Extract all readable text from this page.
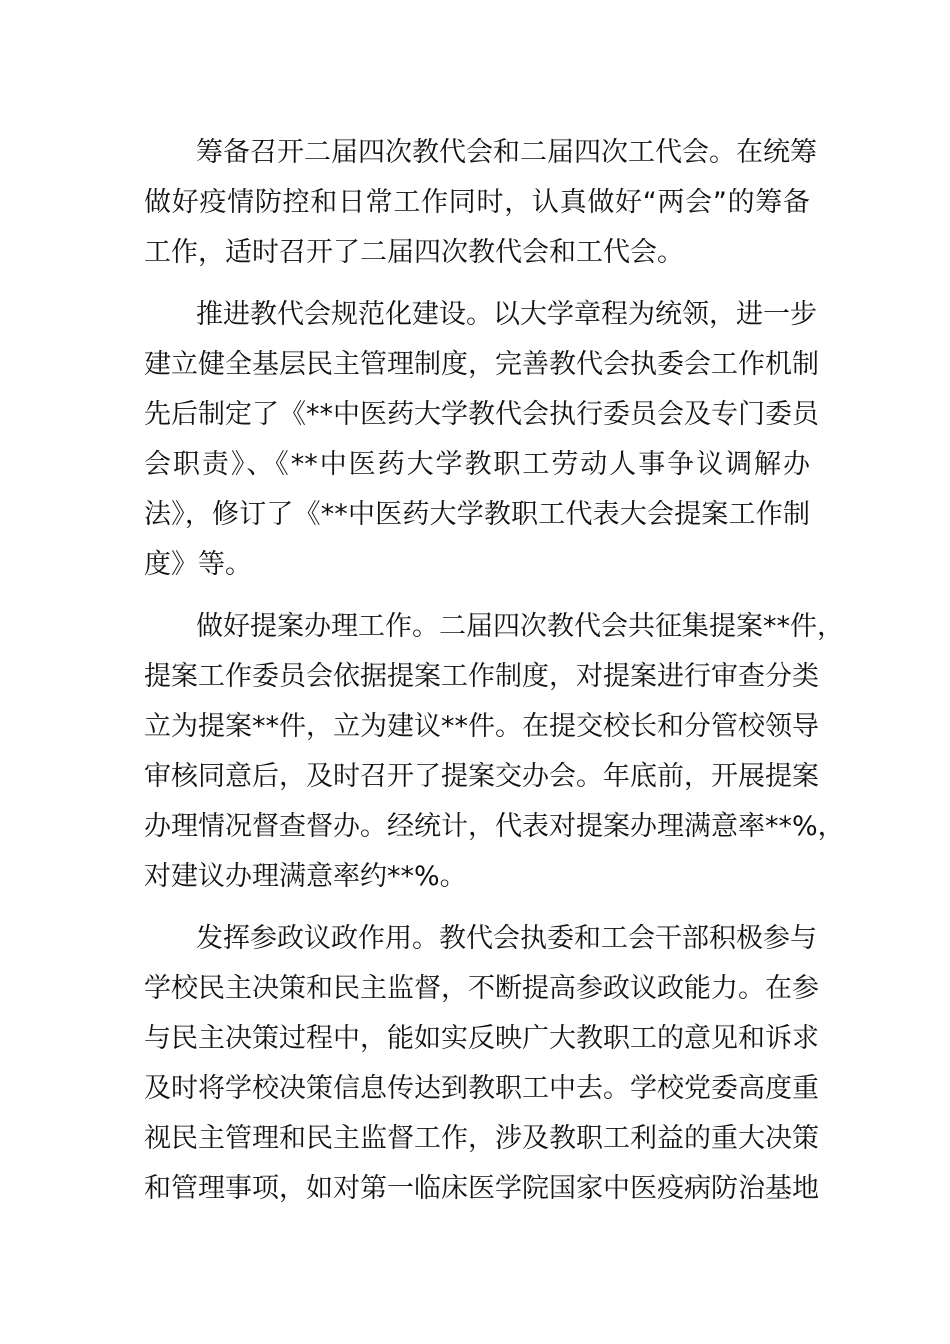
筹备召开二届四次教代会和二届四次工代会。在统筹
做好疫情防控和日常工作同时，认真做好“两会”的筹备
工作，适时召开了二届四次教代会和工代会。
推进教代会规范化建设。以大学章程为统领，进一步
建立健全基层民主管理制度，完善教代会执委会工作机制
先后制定了《**中医药大学教代会执行委员会及专门委员
会职责》、《**中医药大学教职工劳动人事争议调解办
法》，修订了《**中医药大学教职工代表大会提案工作制
度》等。
做好提案办理工作。二届四次教代会共征集提案**件，
提案工作委员会依据提案工作制度，对提案进行审查分类
立为提案**件，立为建议**件。在提交校长和分管校领导
审核同意后，及时召开了提案交办会。年底前，开展提案
办理情况督查督办。经统计，代表对提案办理满意率**%，
对建议办理满意率约**%。
发挥参政议政作用。教代会执委和工会干部积极参与
学校民主决策和民主监督，不断提高参政议政能力。在参
与民主决策过程中，能如实反映广大教职工的意见和诉求
及时将学校决策信息传达到教职工中去。学校党委高度重
视民主管理和民主监督工作，涉及教职工利益的重大决策
和管理事项，如对第一临床医学院国家中医疫病防治基地
